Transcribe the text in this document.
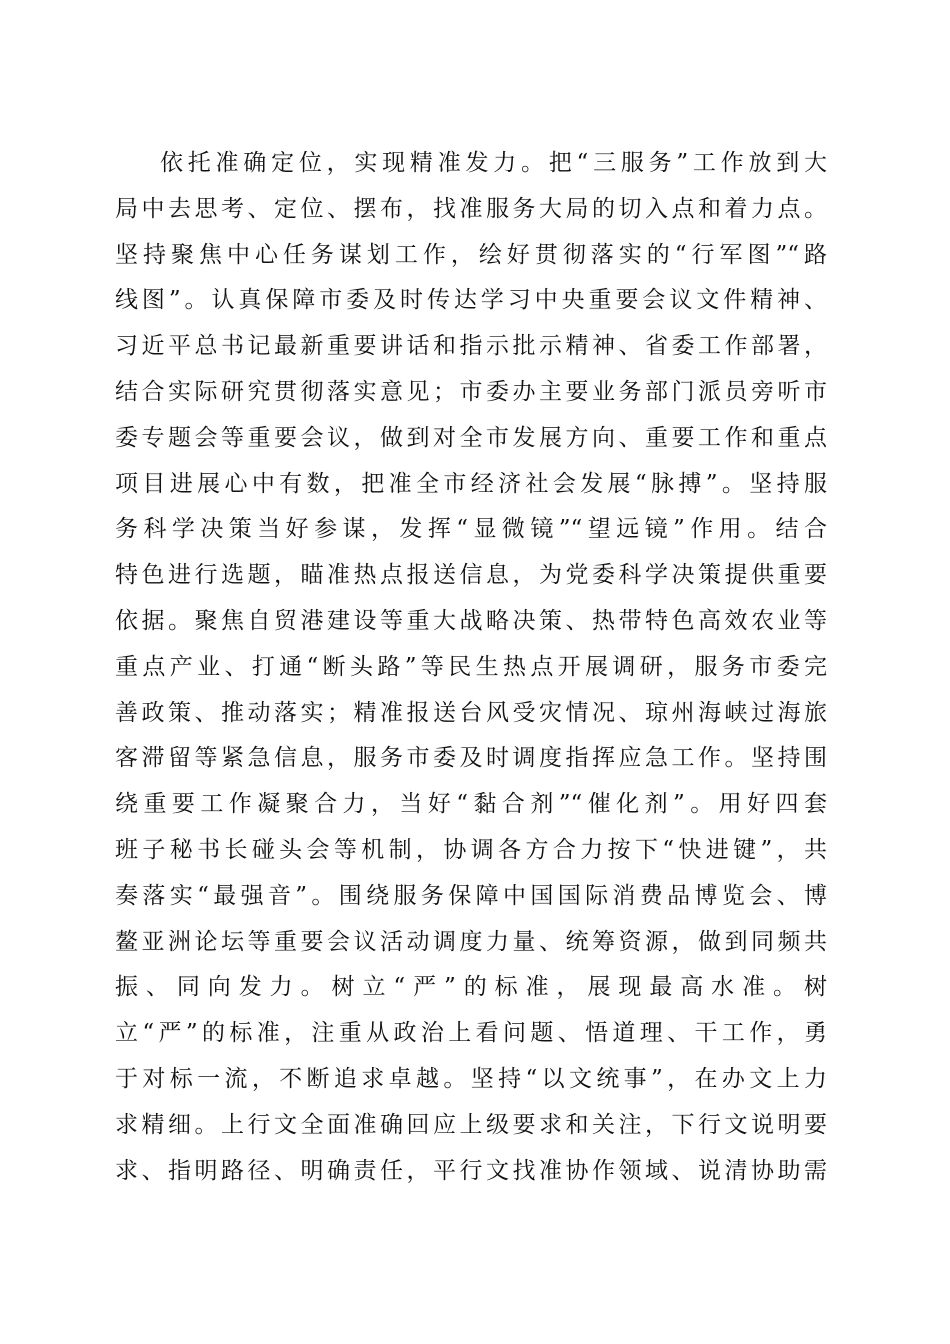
依托准确定位，实现精准发力。把“三服务”工作放到大
局中去思考、定位、摆布，找准服务大局的切入点和着力点。
坚持聚焦中心任务谋划工作，绘好贯彻落实的“行军图”“路
线图”。认真保障市委及时传达学习中央重要会议文件精神、
习近平总书记最新重要讲话和指示批示精神、省委工作部署，
结合实际研究贯彻落实意见；市委办主要业务部门派员旁听市
委专题会等重要会议，做到对全市发展方向、重要工作和重点
项目进展心中有数，把准全市经济社会发展“脉搏”。坚持服
务科学决策当好参谋，发挥“显微镜”“望远镜”作用。结合
特色进行选题，瞄准热点报送信息，为党委科学决策提供重要
依据。聚焦自贸港建设等重大战略决策、热带特色高效农业等
重点产业、打通“断头路”等民生热点开展调研，服务市委完
善政策、推动落实；精准报送台风受灾情况、琼州海峡过海旅
客滞留等紧急信息，服务市委及时调度指挥应急工作。坚持围
绕重要工作凝聚合力，当好“黏合剂”“催化剂”。用好四套
班子秘书长碰头会等机制，协调各方合力按下“快进键”，共
奏落实“最强音”。围绕服务保障中国国际消费品博览会、博
鳌亚洲论坛等重要会议活动调度力量、统筹资源，做到同频共
振、同向发力。树立“严”的标准，展现最高水准。树
立“严”的标准，注重从政治上看问题、悟道理、干工作，勇
于对标一流，不断追求卓越。坚持“以文统事”，在办文上力
求精细。上行文全面准确回应上级要求和关注，下行文说明要
求、指明路径、明确责任，平行文找准协作领域、说清协助需
